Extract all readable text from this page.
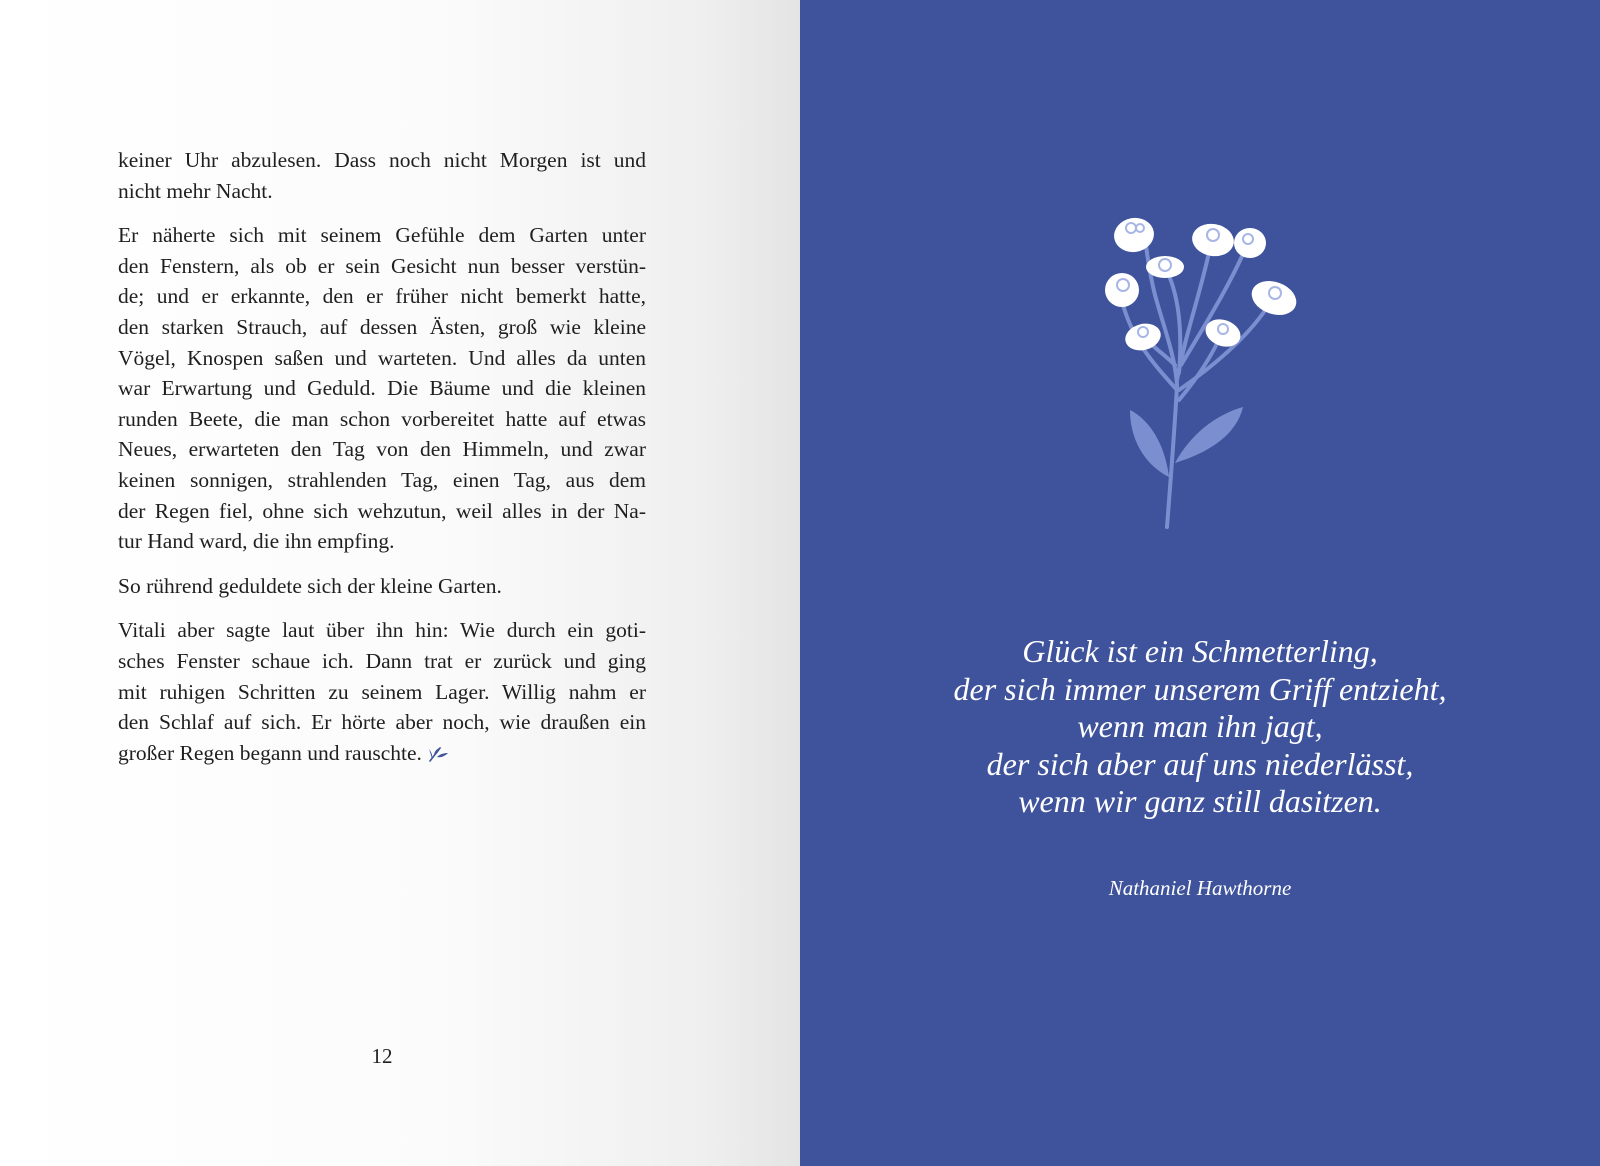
keiner Uhr abzulesen. Dass noch nicht Morgen ist und
nicht mehr Nacht.

Er näherte sich mit seinem Gefühle dem Garten unter
den Fenstern, als ob er sein Gesicht nun besser verstün-
de; und er erkannte, den er früher nicht bemerkt hatte,
den starken Strauch, auf dessen Ästen, groß wie kleine
Vögel, Knospen saßen und warteten. Und alles da unten
war Erwartung und Geduld. Die Bäume und die kleinen
runden Beete, die man schon vorbereitet hatte auf etwas
Neues, erwarteten den Tag von den Himmeln, und zwar
keinen sonnigen, strahlenden Tag, einen Tag, aus dem
der Regen fiel, ohne sich wehzutun, weil alles in der Na-
tur Hand ward, die ihn empfing.

So rührend geduldete sich der kleine Garten.

Vitali aber sagte laut über ihn hin: Wie durch ein goti-
sches Fenster schaue ich. Dann trat er zurück und ging
mit ruhigen Schritten zu seinem Lager. Willig nahm er
den Schlaf auf sich. Er hörte aber noch, wie draußen ein
großer Regen begann und rauschte.

12
Glück ist ein Schmetterling,
der sich immer unserem Griff entzieht,
wenn man ihn jagt,
der sich aber auf uns niederlässt,
wenn wir ganz still dasitzen.
Nathaniel Hawthorne
